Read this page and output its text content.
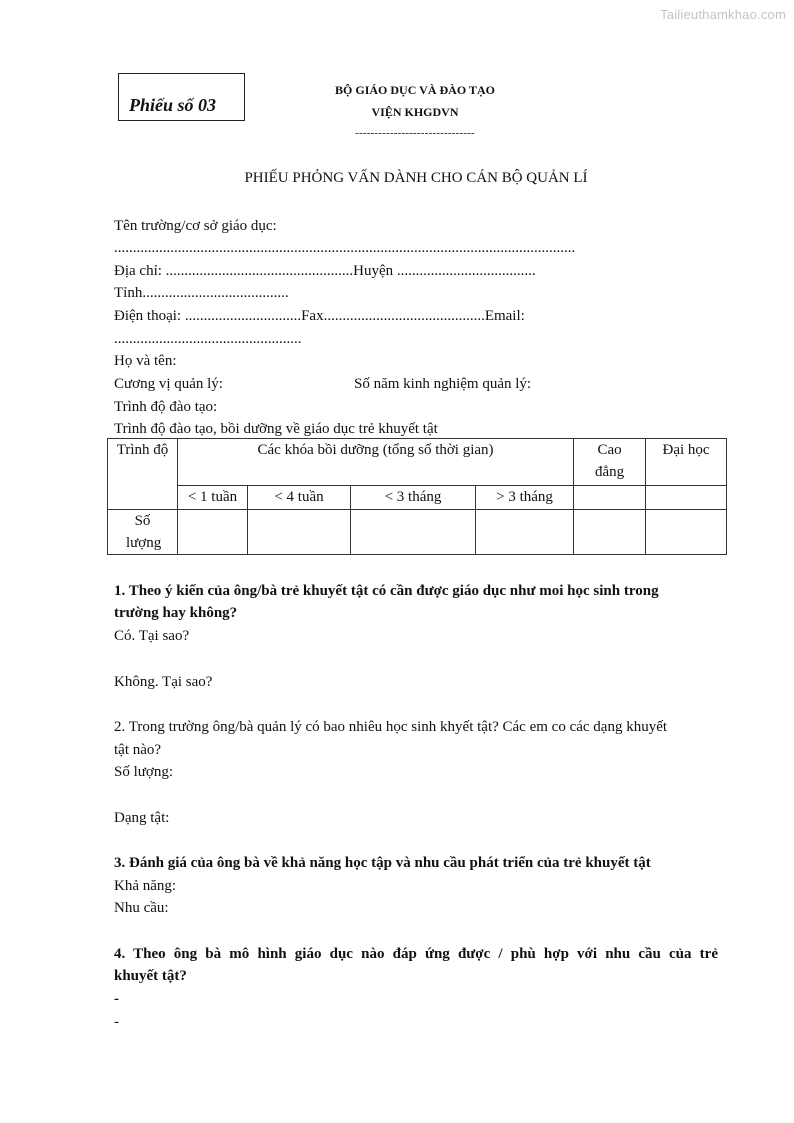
Tailieuthamkhao.com
Phiếu số 03
BỘ GIÁO DỤC VÀ ĐÀO TẠO
VIỆN KHGDVN
-------------------------------
PHIẾU PHỎNG VẤN DÀNH CHO CÁN BỘ QUẢN LÍ
Tên trường/cơ sở giáo dục:
...........................................................................................................................
Địa chỉ: ..................................................Huyện .....................................
Tỉnh.......................................
Điện thoại: ...............................Fax...........................................Email:
..................................................
Họ và tên:
Cương vị quản lý:	Số năm kinh nghiệm quản lý:
Trình độ đào tạo:
Trình độ đào tạo, bồi dưỡng về giáo dục trẻ khuyết tật
Trình độ	Các khóa bồi dưỡng (tổng số thời gian)				Cao đẳng	Đại học
	< 1 tuần	< 4 tuần	< 3 tháng	> 3 tháng		

Số lượng						

1. Theo ý kiến của ông/bà trẻ khuyết tật có cần được giáo dục như moi học sinh trong
trường hay không?
Có. Tại sao?
Không. Tại sao?
2. Trong trường ông/bà quản lý có bao nhiêu học sinh khyết tật? Các em co các dạng khuyết
tật nào?
Số lượng:
Dạng tật:
3. Đánh giá của ông bà về khả năng học tập và nhu cầu phát triển của trẻ khuyết tật
Khả năng:
Nhu cầu:
4. Theo ông bà mô hình giáo dục nào đáp ứng được / phù hợp với nhu cầu của trẻ
khuyết tật?
-
-
